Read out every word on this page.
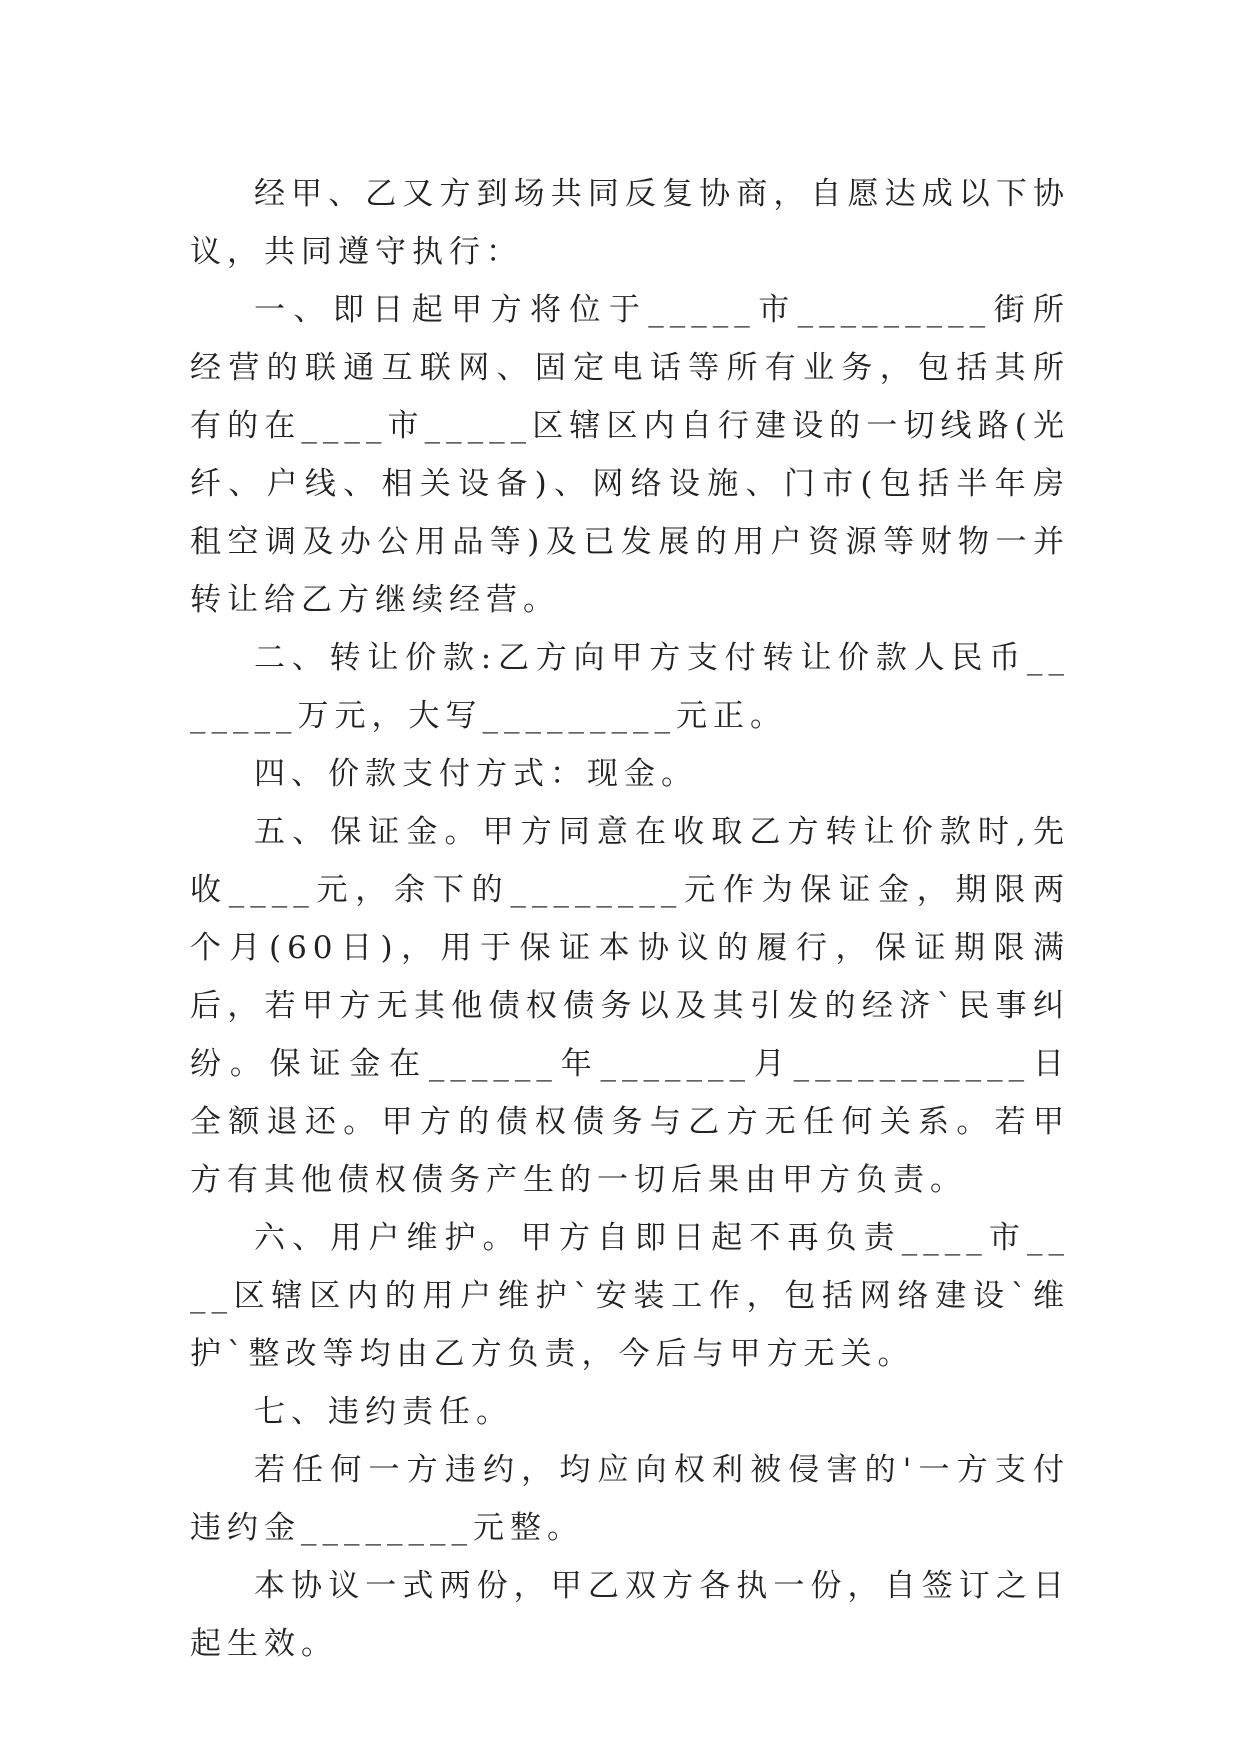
经甲、乙又方到场共同反复协商，自愿达成以下协议，共同遵守执行：

一、即日起甲方将位于_____市_________街所经营的联通互联网、固定电话等所有业务，包括其所有的在____市_____区辖区内自行建设的一切线路(光纤、户线、相关设备)、网络设施、门市(包括半年房租空调及办公用品等)及已发展的用户资源等财物一并转让给乙方继续经营。

二、转让价款:乙方向甲方支付转让价款人民币_______万元，大写_________元正。

四、价款支付方式：现金。

五、保证金。甲方同意在收取乙方转让价款时,先收____元，余下的________元作为保证金，期限两个月(60日)，用于保证本协议的履行，保证期限满后，若甲方无其他债权债务以及其引发的经济`民事纠纷。保证金在______年_______月___________日全额退还。甲方的债权债务与乙方无任何关系。若甲方有其他债权债务产生的一切后果由甲方负责。

六、用户维护。甲方自即日起不再负责____市____区辖区内的用户维护`安装工作，包括网络建设`维护`整改等均由乙方负责，今后与甲方无关。

七、违约责任。

若任何一方违约，均应向权利被侵害的'一方支付违约金________元整。

本协议一式两份，甲乙双方各执一份，自签订之日起生效。
